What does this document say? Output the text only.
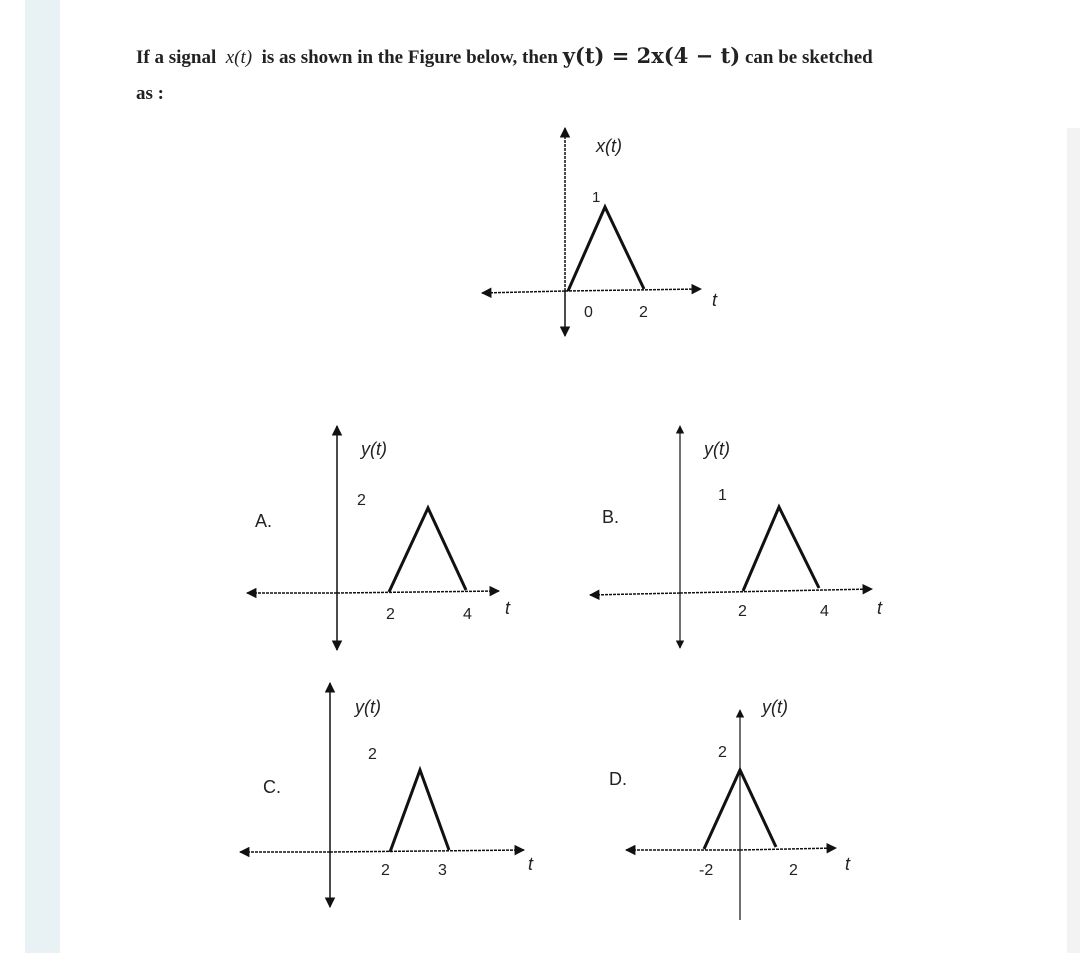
If a signal x(t) is as shown in the Figure below, then y(t) = 2x(4 − t) can be sketched
as :
x(t)
1
0	2
t
A.
y(t)
2
2	4 t
B.
y(t)
1
2	4	t
C.
y(t)
2
2	3	t
D.
y(t)
2
-2	2	t
